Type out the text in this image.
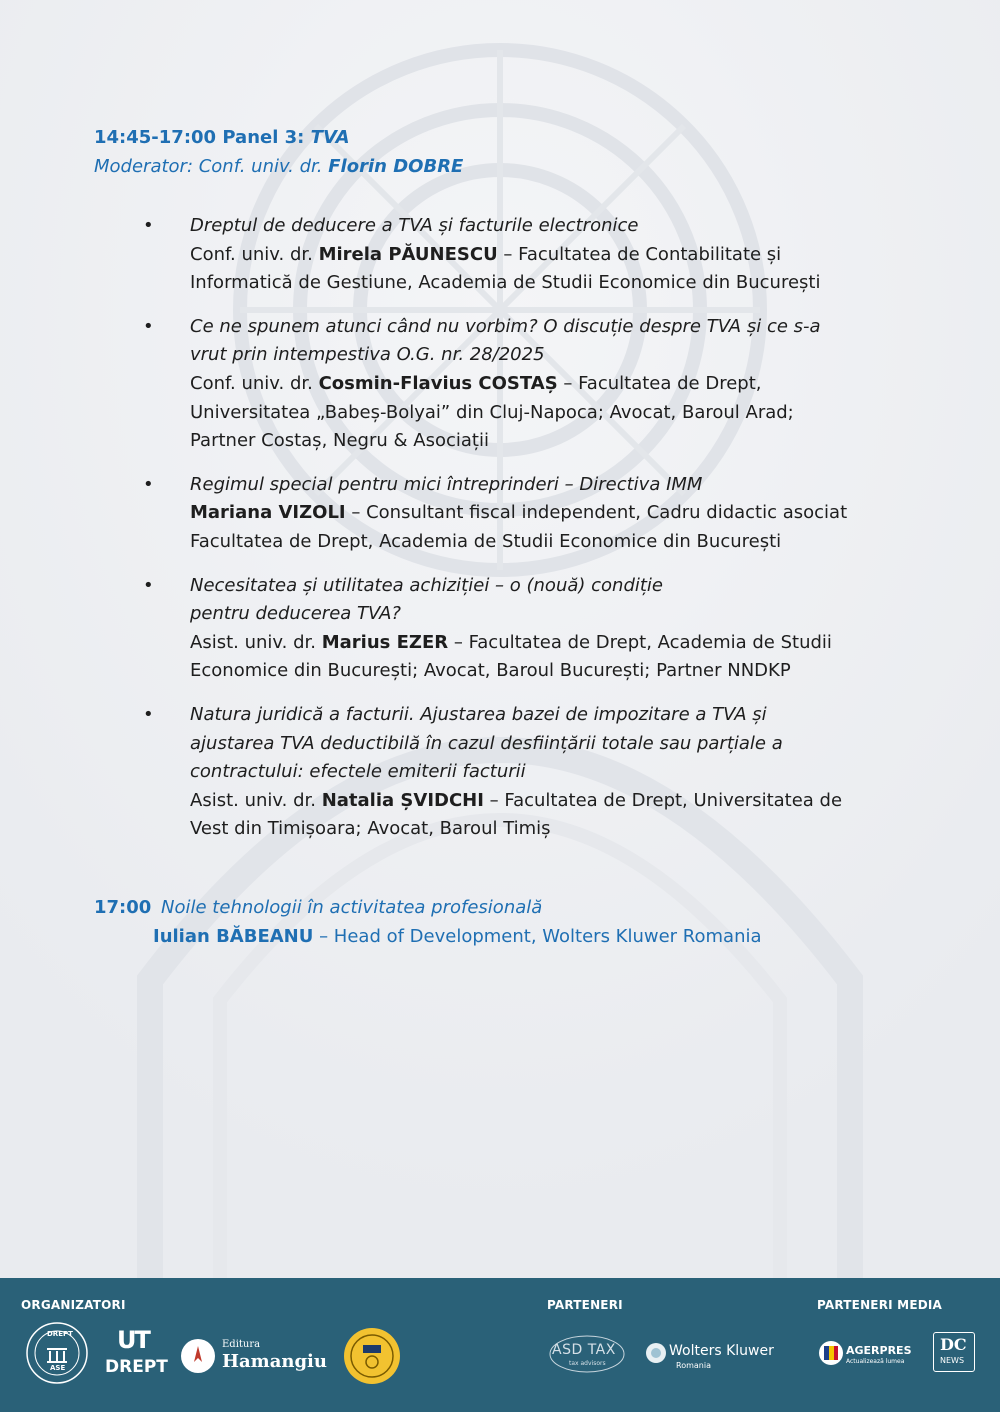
14:45-17:00 Panel 3: TVA
Moderator: Conf. univ. dr. Florin DOBRE
• Dreptul de deducere a TVA și facturile electronice
Conf. univ. dr. Mirela PĂUNESCU – Facultatea de Contabilitate și
Informatică de Gestiune, Academia de Studii Economice din București
• Ce ne spunem atunci când nu vorbim? O discuție despre TVA și ce s-a
vrut prin intempestiva O.G. nr. 28/2025
Conf. univ. dr. Cosmin-Flavius COSTAȘ – Facultatea de Drept,
Universitatea „Babeș-Bolyai” din Cluj-Napoca; Avocat, Baroul Arad;
Partner Costaș, Negru & Asociații
• Regimul special pentru mici întreprinderi – Directiva IMM
Mariana VIZOLI – Consultant fiscal independent, Cadru didactic asociat
Facultatea de Drept, Academia de Studii Economice din București
• Necesitatea și utilitatea achiziției – o (nouă) condiție
pentru deducerea TVA?
Asist. univ. dr. Marius EZER – Facultatea de Drept, Academia de Studii
Economice din București; Avocat, Baroul București; Partner NNDKP
• Natura juridică a facturii. Ajustarea bazei de impozitare a TVA și
ajustarea TVA deductibilă în cazul desființării totale sau parțiale a
contractului: efectele emiterii facturii
Asist. univ. dr. Natalia ȘVIDCHI – Facultatea de Drept, Universitatea de
Vest din Timișoara; Avocat, Baroul Timiș
17:00 Noile tehnologii în activitatea profesională
Iulian BĂBEANU – Head of Development, Wolters Kluwer Romania
ORGANIZATORI	PARTENERI	PARTENERI MEDIA
DREPT
ASE
UT
DREPT
Editura
Hamangiu
ASD TAX
tax advisors
Wolters Kluwer
Romania
AGERPRES
Actualizează lumea
DC
NEWS
